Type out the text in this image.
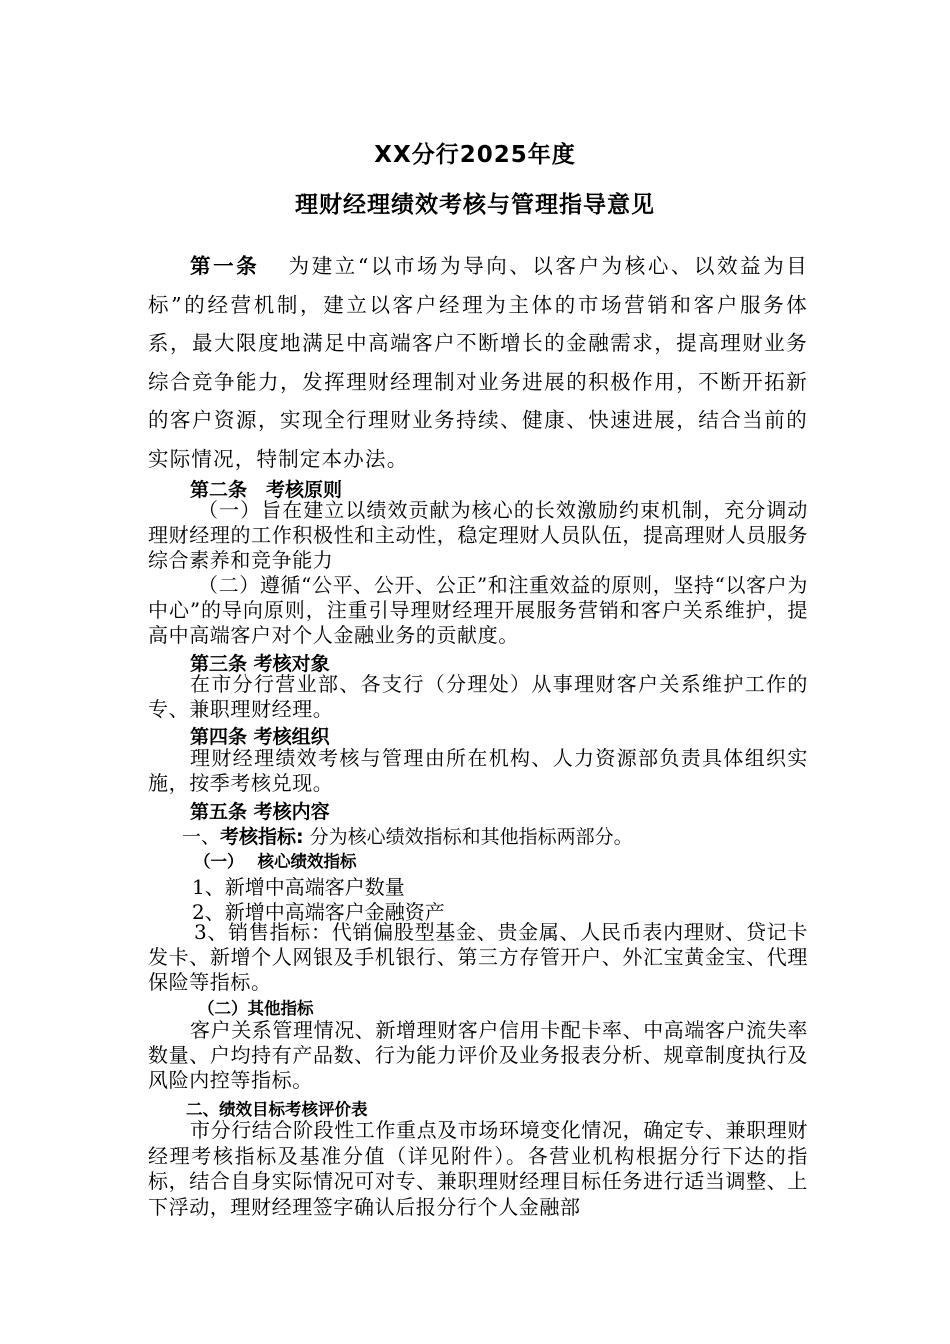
XX分行2025年度
理财经理绩效考核与管理指导意见
第一条 为建立“以市场为导向、以客户为核心、以效益为目标”的经营机制，建立以客户经理为主体的市场营销和客户服务体系，最大限度地满足中高端客户不断增长的金融需求，提高理财业务综合竞争能力，发挥理财经理制对业务进展的积极作用，不断开拓新的客户资源，实现全行理财业务持续、健康、快速进展，结合当前的实际情况，特制定本办法。
第二条　考核原则
（一）旨在建立以绩效贡献为核心的长效激励约束机制，充分调动理财经理的工作积极性和主动性，稳定理财人员队伍，提高理财人员服务综合素养和竞争能力
（二）遵循“公平、公开、公正”和注重效益的原则，坚持“以客户为中心”的导向原则，注重引导理财经理开展服务营销和客户关系维护，提高中高端客户对个人金融业务的贡献度。
第三条 考核对象
在市分行营业部、各支行（分理处）从事理财客户关系维护工作的专、兼职理财经理。
第四条 考核组织
理财经理绩效考核与管理由所在机构、人力资源部负责具体组织实施，按季考核兑现。
第五条 考核内容
一、考核指标: 分为核心绩效指标和其他指标两部分。
（一）　 核心绩效指标
1、新增中高端客户数量
2、新增中高端客户金融资产
3、销售指标：代销偏股型基金、贵金属、人民币表内理财、贷记卡发卡、新增个人网银及手机银行、第三方存管开户、外汇宝黄金宝、代理保险等指标。
（二）其他指标
客户关系管理情况、新增理财客户信用卡配卡率、中高端客户流失率数量、户均持有产品数、行为能力评价及业务报表分析、规章制度执行及风险内控等指标。
二、绩效目标考核评价表
市分行结合阶段性工作重点及市场环境变化情况，确定专、兼职理财经理考核指标及基准分值（详见附件）。各营业机构根据分行下达的指标，结合自身实际情况可对专、兼职理财经理目标任务进行适当调整、上下浮动，理财经理签字确认后报分行个人金融部
